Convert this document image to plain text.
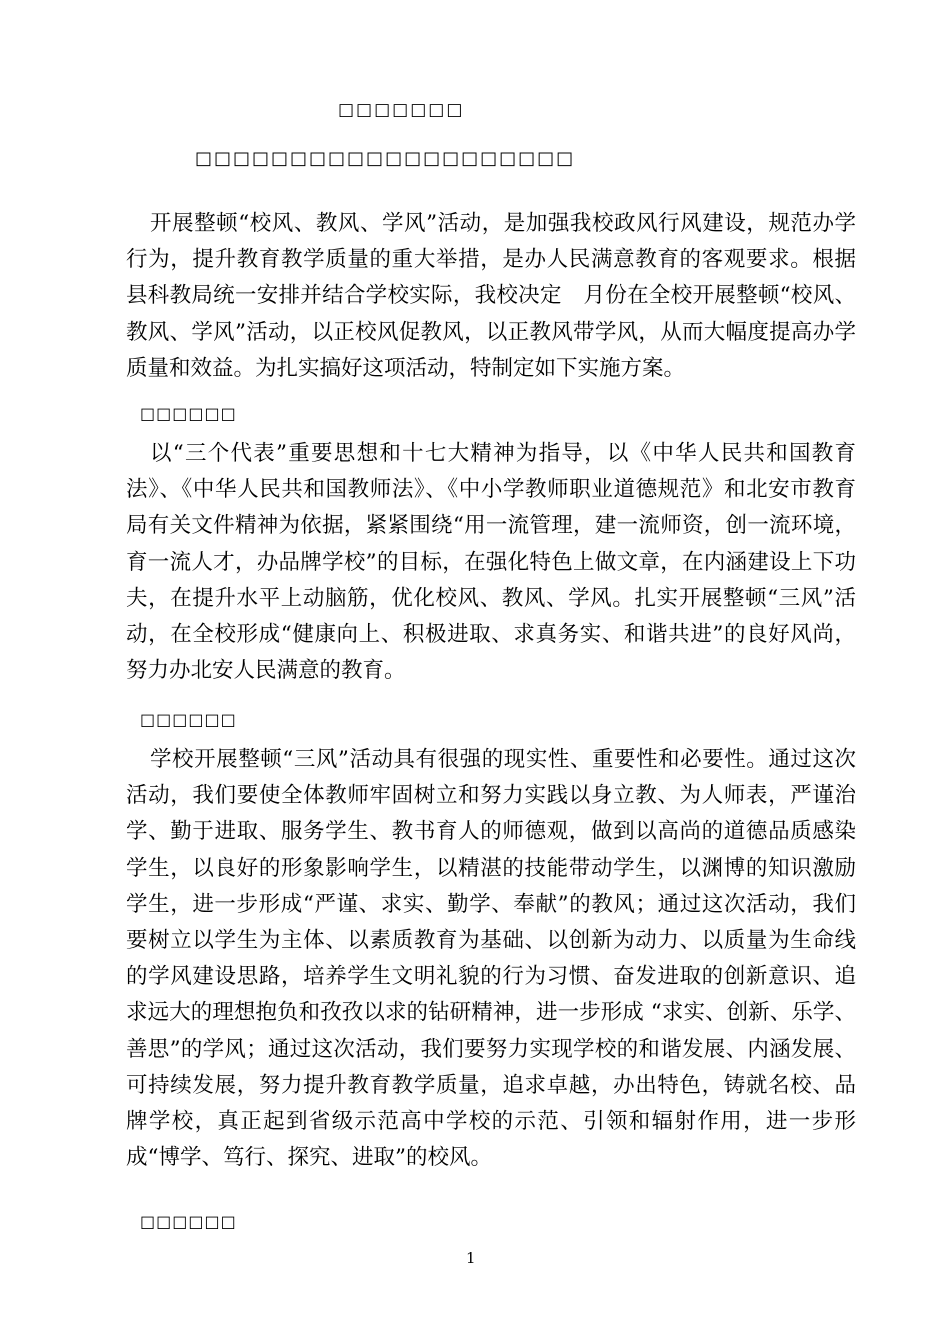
□□□□□□□
□□□□□□□□□□□□□□□□□□□□

开展整顿“校风、教风、学风”活动，是加强我校政风行风建设，规范办学行为，提升教育教学质量的重大举措，是办人民满意教育的客观要求。根据县科教局统一安排并结合学校实际，我校决定　月份在全校开展整顿“校风、教风、学风”活动，以正校风促教风，以正教风带学风，从而大幅度提高办学质量和效益。为扎实搞好这项活动，特制定如下实施方案。

□□□□□□

以“三个代表”重要思想和十七大精神为指导，以《中华人民共和国教育法》、《中华人民共和国教师法》、《中小学教师职业道德规范》和北安市教育局有关文件精神为依据，紧紧围绕“用一流管理，建一流师资，创一流环境，育一流人才，办品牌学校”的目标，在强化特色上做文章，在内涵建设上下功夫，在提升水平上动脑筋，优化校风、教风、学风。扎实开展整顿“三风”活动，在全校形成“健康向上、积极进取、求真务实、和谐共进”的良好风尚，努力办北安人民满意的教育。

□□□□□□

学校开展整顿“三风”活动具有很强的现实性、重要性和必要性。通过这次活动，我们要使全体教师牢固树立和努力实践以身立教、为人师表，严谨治学、勤于进取、服务学生、教书育人的师德观，做到以高尚的道德品质感染学生，以良好的形象影响学生，以精湛的技能带动学生，以渊博的知识激励学生，进一步形成“严谨、求实、勤学、奉献”的教风；通过这次活动，我们要树立以学生为主体、以素质教育为基础、以创新为动力、以质量为生命线的学风建设思路，培养学生文明礼貌的行为习惯、奋发进取的创新意识、追求远大的理想抱负和孜孜以求的钻研精神，进一步形成 “求实、创新、乐学、善思”的学风；通过这次活动，我们要努力实现学校的和谐发展、内涵发展、可持续发展，努力提升教育教学质量，追求卓越，办出特色，铸就名校、品牌学校，真正起到省级示范高中学校的示范、引领和辐射作用，进一步形成“博学、笃行、探究、进取”的校风。

□□□□□□
1
